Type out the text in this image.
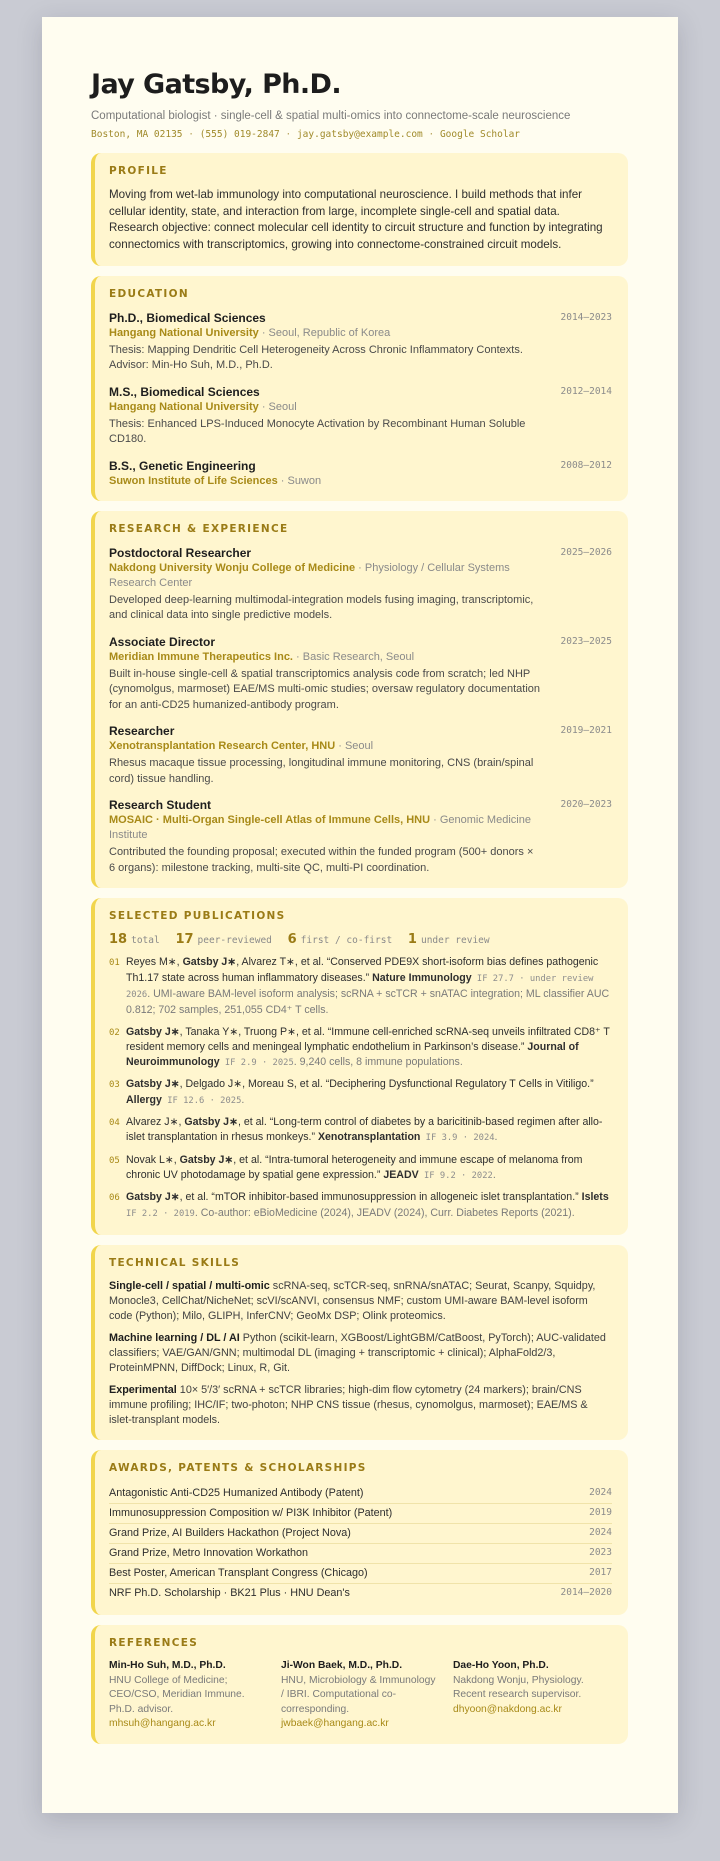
Jay Gatsby, Ph.D.
Computational biologist · single-cell & spatial multi-omics into connectome-scale neuroscience
Boston, MA 02135 · (555) 019-2847 · jay.gatsby@example.com · Google Scholar
PROFILE
Moving from wet-lab immunology into computational neuroscience. I build methods that infer cellular identity, state, and interaction from large, incomplete single-cell and spatial data. Research objective: connect molecular cell identity to circuit structure and function by integrating connectomics with transcriptomics, growing into connectome-constrained circuit models.
EDUCATION
Ph.D., Biomedical Sciences	2014–2023
Hangang National University · Seoul, Republic of Korea
Thesis: Mapping Dendritic Cell Heterogeneity Across Chronic Inflammatory Contexts. Advisor: Min-Ho Suh, M.D., Ph.D.
M.S., Biomedical Sciences	2012–2014
Hangang National University · Seoul
Thesis: Enhanced LPS-Induced Monocyte Activation by Recombinant Human Soluble CD180.
B.S., Genetic Engineering	2008–2012
Suwon Institute of Life Sciences · Suwon
RESEARCH & EXPERIENCE
Postdoctoral Researcher	2025–2026
Nakdong University Wonju College of Medicine · Physiology / Cellular Systems Research Center
Developed deep-learning multimodal-integration models fusing imaging, transcriptomic, and clinical data into single predictive models.
Associate Director	2023–2025
Meridian Immune Therapeutics Inc. · Basic Research, Seoul
Built in-house single-cell & spatial transcriptomics analysis code from scratch; led NHP (cynomolgus, marmoset) EAE/MS multi-omic studies; oversaw regulatory documentation for an anti-CD25 humanized-antibody program.
Researcher	2019–2021
Xenotransplantation Research Center, HNU · Seoul
Rhesus macaque tissue processing, longitudinal immune monitoring, CNS (brain/spinal cord) tissue handling.
Research Student	2020–2023
MOSAIC · Multi-Organ Single-cell Atlas of Immune Cells, HNU · Genomic Medicine Institute
Contributed the founding proposal; executed within the funded program (500+ donors × 6 organs): milestone tracking, multi-site QC, multi-PI coordination.
SELECTED PUBLICATIONS
18 total 17 peer-reviewed 6 first / co-first 1 under review
01 Reyes M∗, Gatsby J∗, Alvarez T∗, et al. “Conserved PDE9X short-isoform bias defines pathogenic Th1.17 state across human inflammatory diseases.” Nature Immunology IF 27.7 · under review 2026. UMI-aware BAM-level isoform analysis; scRNA + scTCR + snATAC integration; ML classifier AUC 0.812; 702 samples, 251,055 CD4⁺ T cells.
02 Gatsby J∗, Tanaka Y∗, Truong P∗, et al. “Immune cell-enriched scRNA-seq unveils infiltrated CD8⁺ T resident memory cells and meningeal lymphatic endothelium in Parkinson’s disease.” Journal of Neuroimmunology IF 2.9 · 2025. 9,240 cells, 8 immune populations.
03 Gatsby J∗, Delgado J∗, Moreau S, et al. “Deciphering Dysfunctional Regulatory T Cells in Vitiligo.” Allergy IF 12.6 · 2025.
04 Alvarez J∗, Gatsby J∗, et al. “Long-term control of diabetes by a baricitinib-based regimen after allo-islet transplantation in rhesus monkeys.” Xenotransplantation IF 3.9 · 2024.
05 Novak L∗, Gatsby J∗, et al. “Intra-tumoral heterogeneity and immune escape of melanoma from chronic UV photodamage by spatial gene expression.” JEADV IF 9.2 · 2022.
06 Gatsby J∗, et al. “mTOR inhibitor-based immunosuppression in allogeneic islet transplantation.” Islets IF 2.2 · 2019. Co-author: eBioMedicine (2024), JEADV (2024), Curr. Diabetes Reports (2021).
TECHNICAL SKILLS
Single-cell / spatial / multi-omic scRNA-seq, scTCR-seq, snRNA/snATAC; Seurat, Scanpy, Squidpy, Monocle3, CellChat/NicheNet; scVI/scANVI, consensus NMF; custom UMI-aware BAM-level isoform code (Python); Milo, GLIPH, InferCNV; GeoMx DSP; Olink proteomics.
Machine learning / DL / AI Python (scikit-learn, XGBoost/LightGBM/CatBoost, PyTorch); AUC-validated classifiers; VAE/GAN/GNN; multimodal DL (imaging + transcriptomic + clinical); AlphaFold2/3, ProteinMPNN, DiffDock; Linux, R, Git.
Experimental 10× 5′/3′ scRNA + scTCR libraries; high-dim flow cytometry (24 markers); brain/CNS immune profiling; IHC/IF; two-photon; NHP CNS tissue (rhesus, cynomolgus, marmoset); EAE/MS & islet-transplant models.
AWARDS, PATENTS & SCHOLARSHIPS
Antagonistic Anti-CD25 Humanized Antibody (Patent)	2024
Immunosuppression Composition w/ PI3K Inhibitor (Patent)	2019
Grand Prize, AI Builders Hackathon (Project Nova)	2024
Grand Prize, Metro Innovation Workathon	2023
Best Poster, American Transplant Congress (Chicago)	2017
NRF Ph.D. Scholarship · BK21 Plus · HNU Dean's	2014–2020
REFERENCES
Min-Ho Suh, M.D., Ph.D.
HNU College of Medicine; CEO/CSO, Meridian Immune. Ph.D. advisor.
mhsuh@hangang.ac.kr
Ji-Won Baek, M.D., Ph.D.
HNU, Microbiology & Immunology / IBRI. Computational co-corresponding.
jwbaek@hangang.ac.kr
Dae-Ho Yoon, Ph.D.
Nakdong Wonju, Physiology. Recent research supervisor.
dhyoon@nakdong.ac.kr
